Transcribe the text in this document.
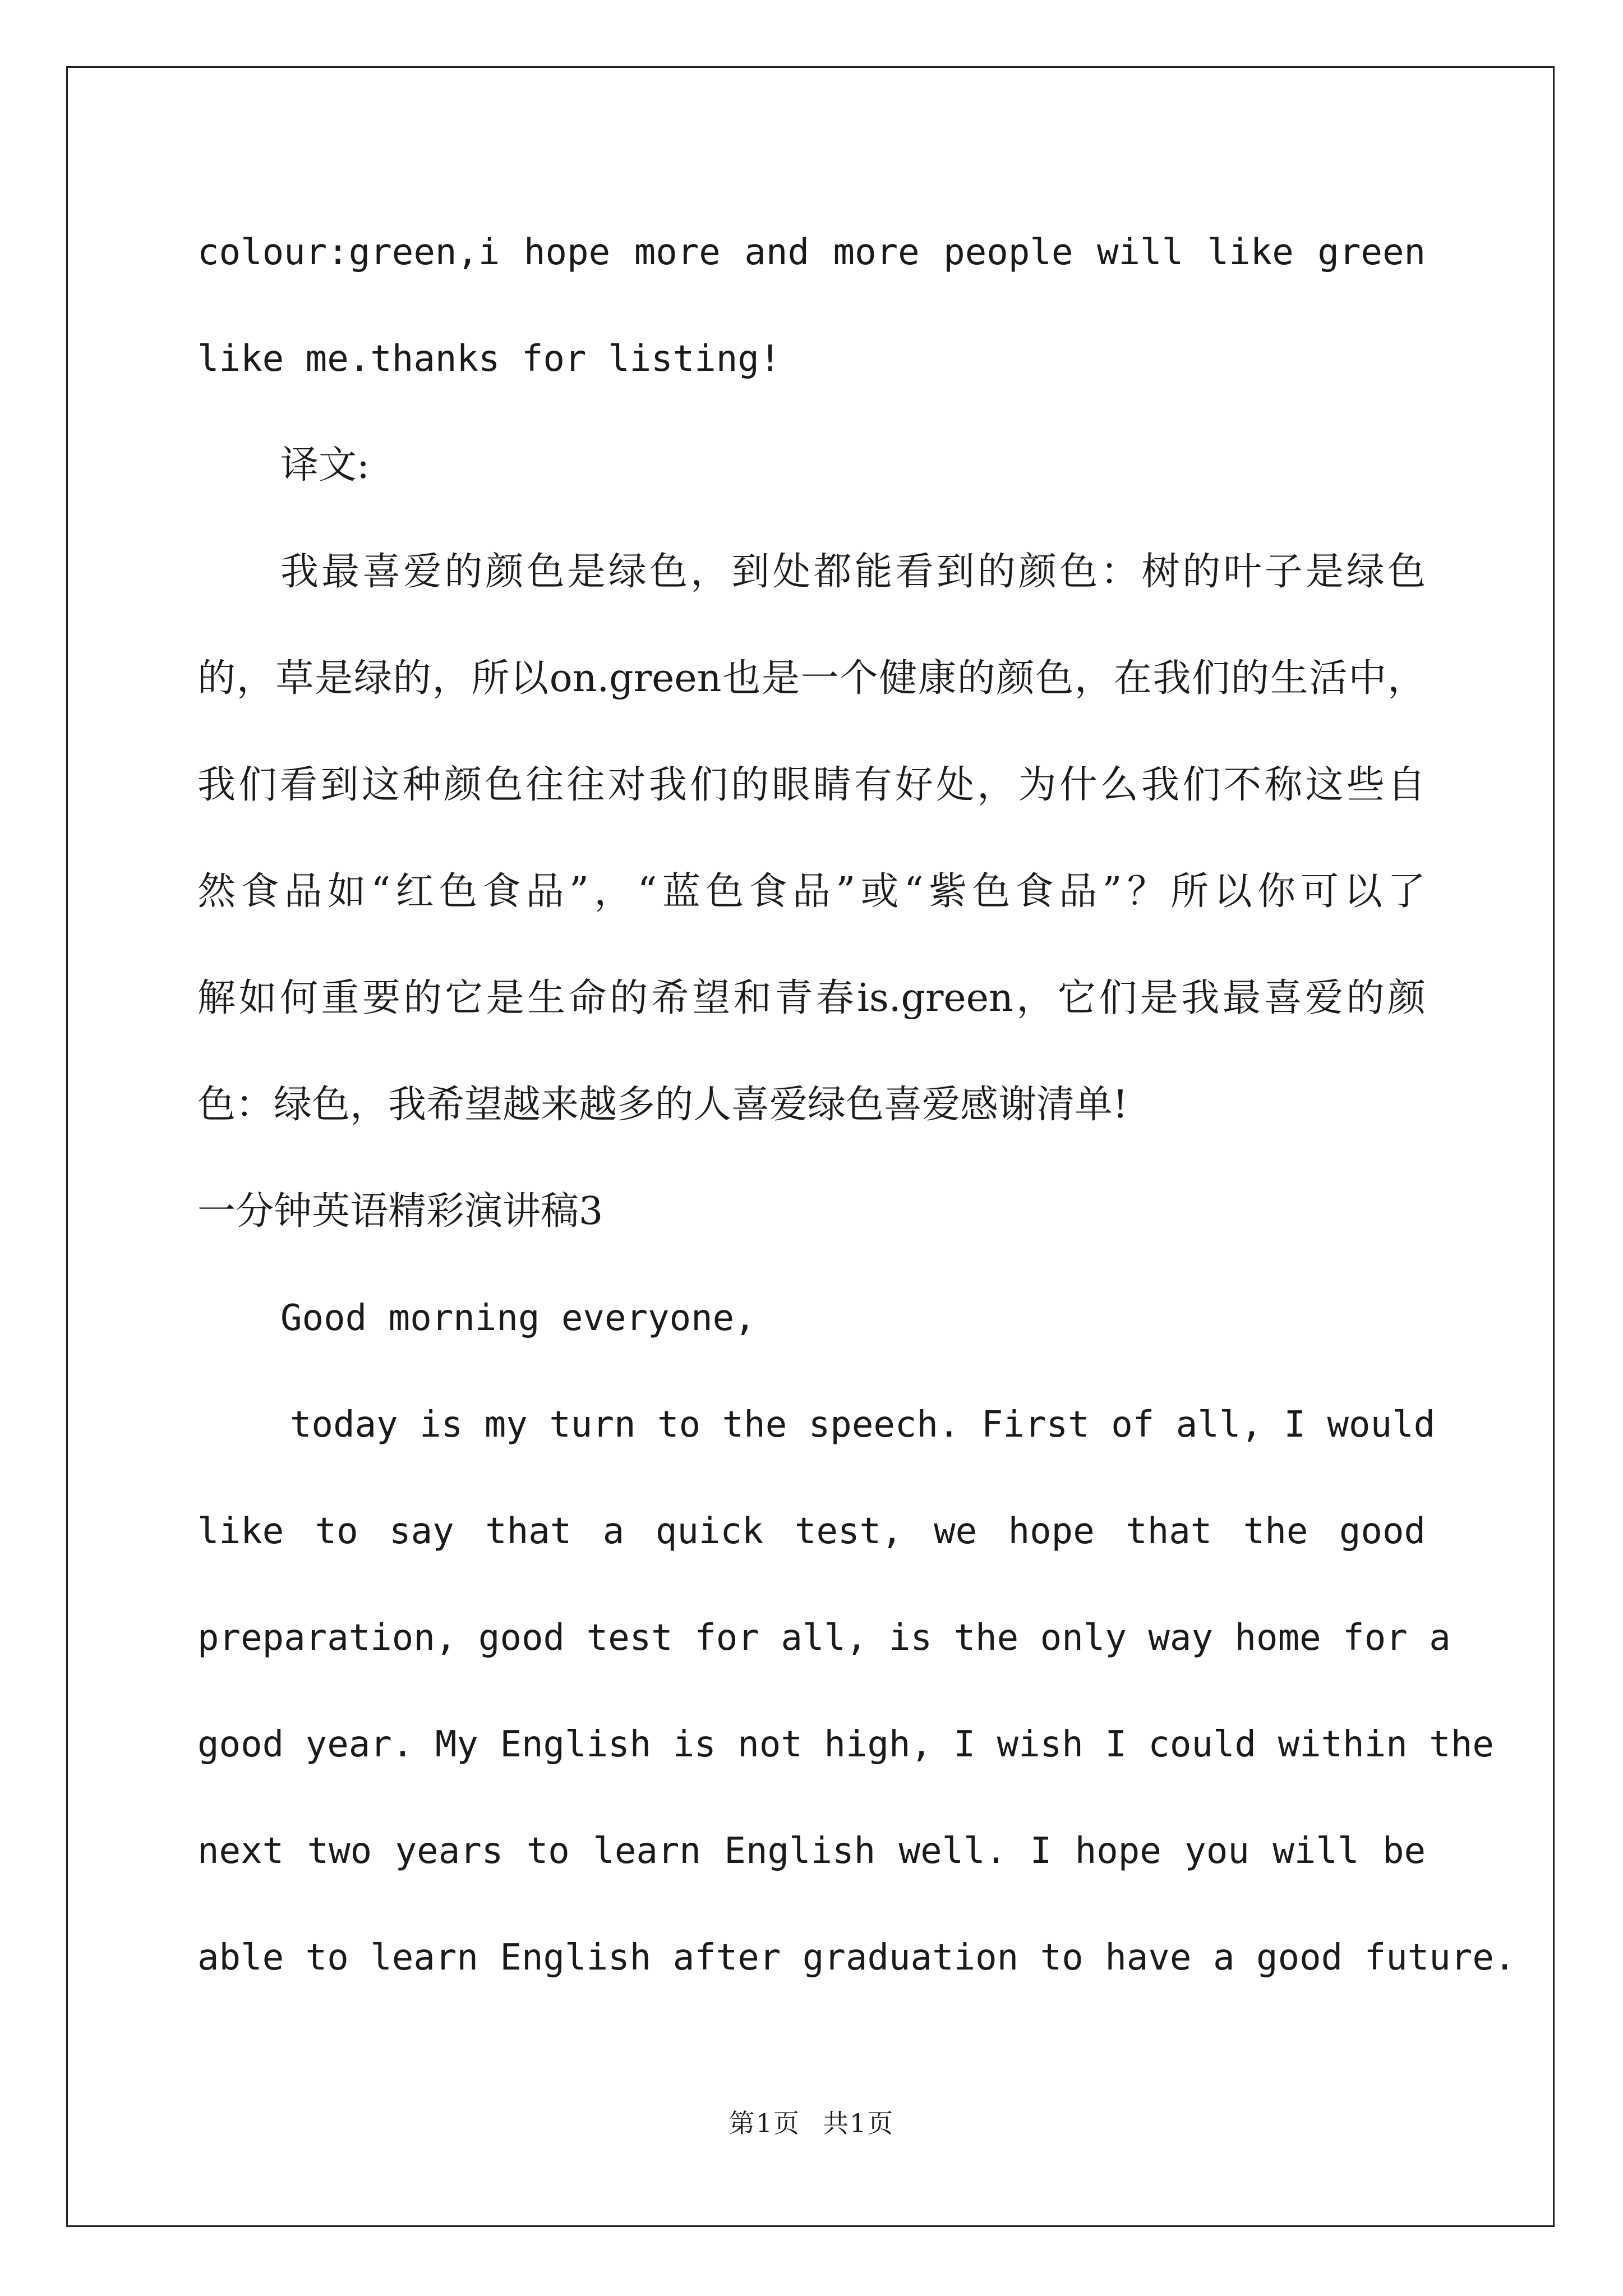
colour:green,i hope more and more people will like green
like me.thanks for listing!
译文:
我最喜爱的颜色是绿色，到处都能看到的颜色：树的叶子是绿色
的，草是绿的，所以on.green也是一个健康的颜色，在我们的生活中，
我们看到这种颜色往往对我们的眼睛有好处，为什么我们不称这些自
然食品如“红色食品”，“蓝色食品”或“紫色食品”？所以你可以了
解如何重要的它是生命的希望和青春is.green，它们是我最喜爱的颜
色：绿色，我希望越来越多的人喜爱绿色喜爱感谢清单!
一分钟英语精彩演讲稿3
Good morning everyone,
today is my turn to the speech. First of all, I would
like to say that a quick test, we hope that the good
preparation, good test for all, is the only way home for a
good year. My English is not high, I wish I could within the
next two years to learn English well. I hope you will be
able to learn English after graduation to have a good future.
第1页 共1页
